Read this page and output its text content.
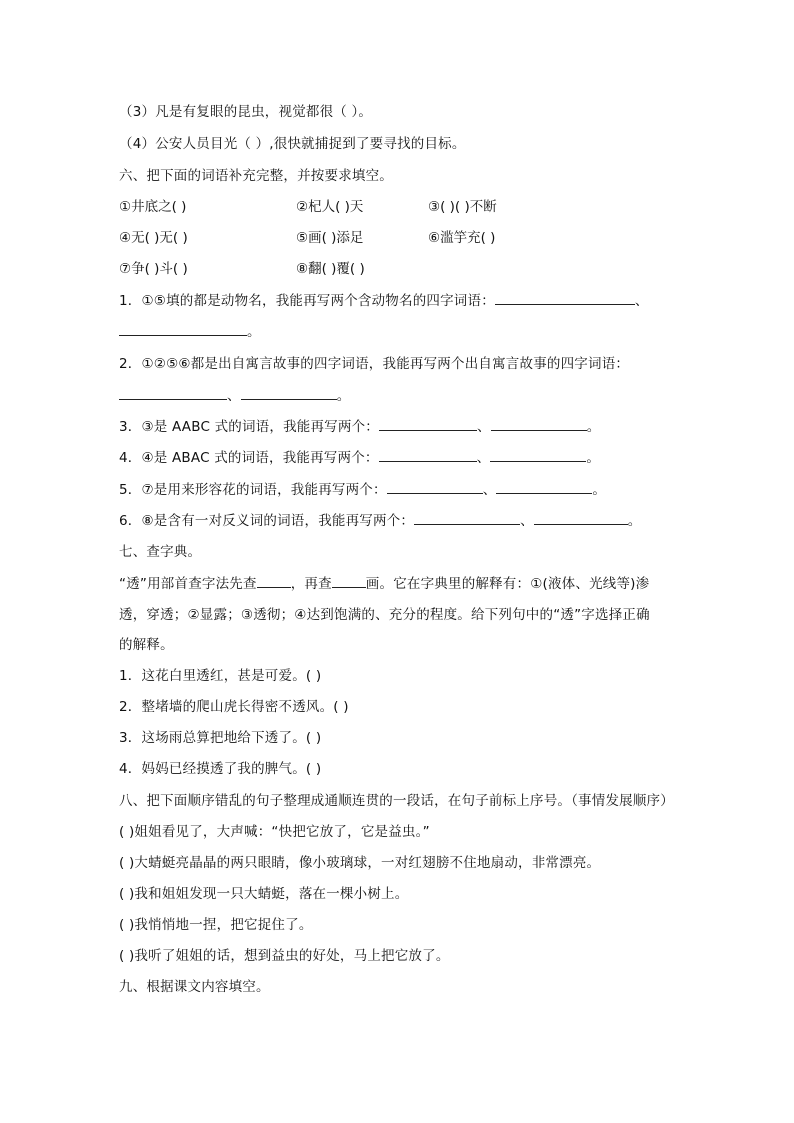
（3）凡是有复眼的昆虫，视觉都很（ ）。
（4）公安人员目光（ ）,很快就捕捉到了要寻找的目标。
六、把下面的词语补充完整，并按要求填空。
①井底之( )	②杞人( )天	③( )( )不断
④无( )无( )	⑤画( )添足	⑥滥竽充( )
⑦争( )斗( )	⑧翻( )覆( )
1．①⑤填的都是动物名，我能再写两个含动物名的四字词语：	、
。
2．①②⑤⑥都是出自寓言故事的四字词语，我能再写两个出自寓言故事的四字词语：
、	。
3．③是 AABC 式的词语，我能再写两个：	、	。
4．④是 ABAC 式的词语，我能再写两个：	、	。
5．⑦是用来形容花的词语，我能再写两个：	、	。
6．⑧是含有一对反义词的词语，我能再写两个：	、	。
七、查字典。
“透”用部首查字法先查	，再查	画。它在字典里的解释有：①(液体、光线等)渗
透，穿透；②显露；③透彻；④达到饱满的、充分的程度。给下列句中的“透”字选择正确
的解释。
1．这花白里透红，甚是可爱。( )
2．整堵墙的爬山虎长得密不透风。( )
3．这场雨总算把地给下透了。( )
4．妈妈已经摸透了我的脾气。( )
八、把下面顺序错乱的句子整理成通顺连贯的一段话，在句子前标上序号。（事情发展顺序）
( )姐姐看见了，大声喊：“快把它放了，它是益虫。”
( )大蜻蜓亮晶晶的两只眼睛，像小玻璃球，一对红翅膀不住地扇动，非常漂亮。
( )我和姐姐发现一只大蜻蜓，落在一棵小树上。
( )我悄悄地一捏，把它捉住了。
( )我听了姐姐的话，想到益虫的好处，马上把它放了。
九、根据课文内容填空。
